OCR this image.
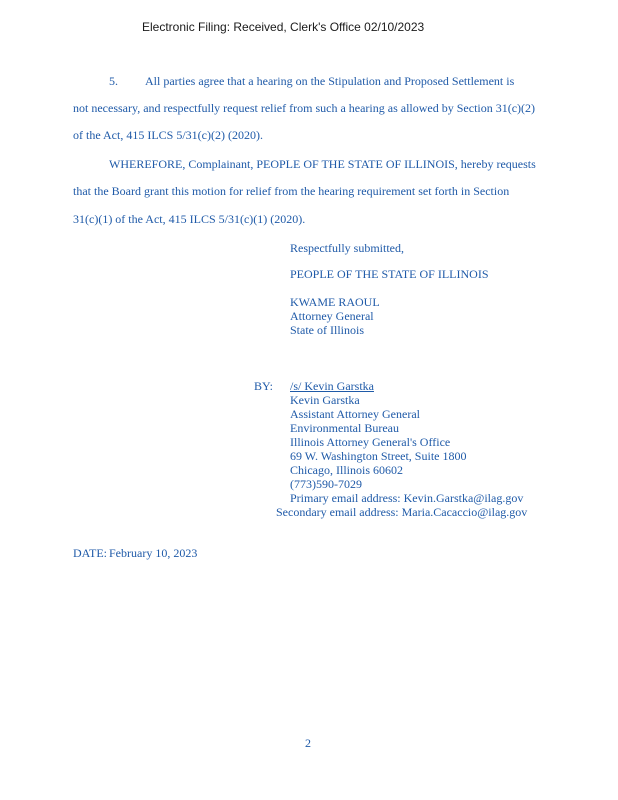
Electronic Filing: Received, Clerk's Office 02/10/2023
5. All parties agree that a hearing on the Stipulation and Proposed Settlement is
not necessary, and respectfully request relief from such a hearing as allowed by Section 31(c)(2)
of the Act, 415 ILCS 5/31(c)(2) (2020).
WHEREFORE, Complainant, PEOPLE OF THE STATE OF ILLINOIS, hereby requests
that the Board grant this motion for relief from the hearing requirement set forth in Section
31(c)(1) of the Act, 415 ILCS 5/31(c)(1) (2020).
Respectfully submitted,
PEOPLE OF THE STATE OF ILLINOIS
KWAME RAOUL
Attorney General
State of Illinois
BY: /s/ Kevin Garstka
Kevin Garstka
Assistant Attorney General
Environmental Bureau
Illinois Attorney General's Office
69 W. Washington Street, Suite 1800
Chicago, Illinois 60602
(773)590-7029
Primary email address: Kevin.Garstka@ilag.gov
Secondary email address: Maria.Cacaccio@ilag.gov
DATE: February 10, 2023
2
